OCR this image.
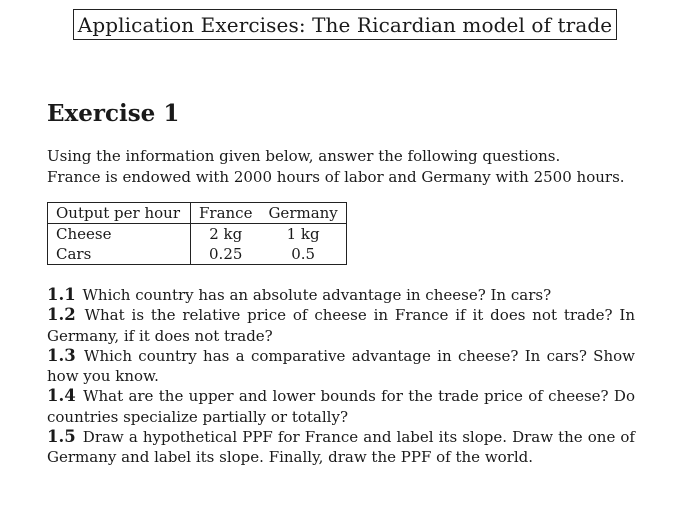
Application Exercises: The Ricardian model of trade
Exercise 1
Using the information given below, answer the following questions.
France is endowed with 2000 hours of labor and Germany with 2500 hours.
Output per hour	France	Germany
Cheese	2 kg	1 kg
Cars	0.25	0.5

1.1 Which country has an absolute advantage in cheese? In cars?

1.2 What is the relative price of cheese in France if it does not trade? In Germany, if it does not trade?

1.3 Which country has a comparative advantage in cheese? In cars? Show how you know.

1.4 What are the upper and lower bounds for the trade price of cheese? Do countries specialize partially or totally?

1.5 Draw a hypothetical PPF for France and label its slope. Draw the one of Germany and label its slope. Finally, draw the PPF of the world.
